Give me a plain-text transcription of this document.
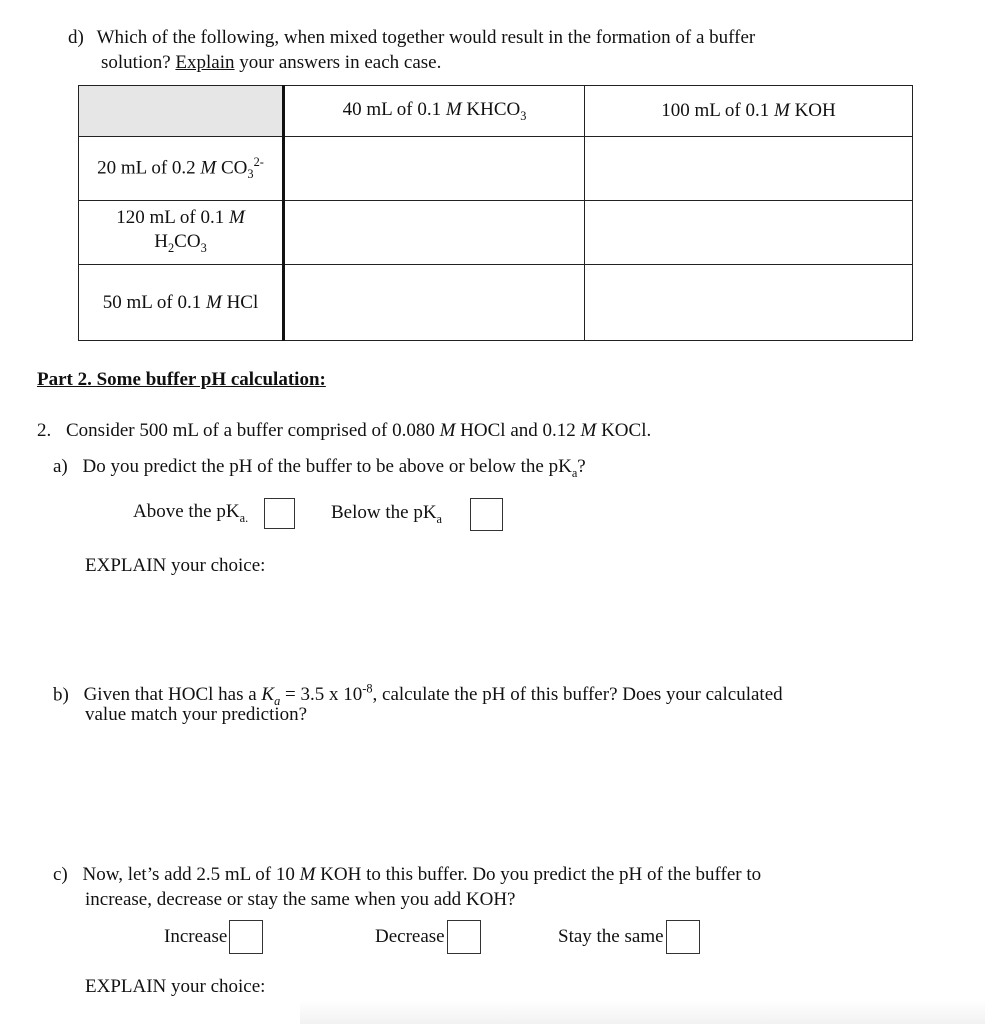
d) Which of the following, when mixed together would result in the formation of a buffer
solution? Explain your answers in each case.
	40 mL of 0.1 M $KHCO_3$	100 mL of 0.1 M KOH
20 mL of 0.2 M $CO_3^{2-}$		
120 mL of 0.1 M
$H_2CO_3$		
50 mL of 0.1 M HCl		
Part 2. Some buffer pH calculation:
2. Consider 500 mL of a buffer comprised of 0.080 M HOCl and 0.12 M KOCl.
a) Do you predict the pH of the buffer to be above or below the $pK_a$?
Above the $pK_{a.}$	Below the $pK_a$
EXPLAIN your choice:
b) Given that HOCl has a $K_a = 3.5$ x $10^{-8}$, calculate the pH of this buffer? Does your calculated
value match your prediction?
c) Now, let’s add 2.5 mL of 10 M KOH to this buffer. Do you predict the pH of the buffer to
increase, decrease or stay the same when you add KOH?
Increase	Decrease	Stay the same
EXPLAIN your choice:
